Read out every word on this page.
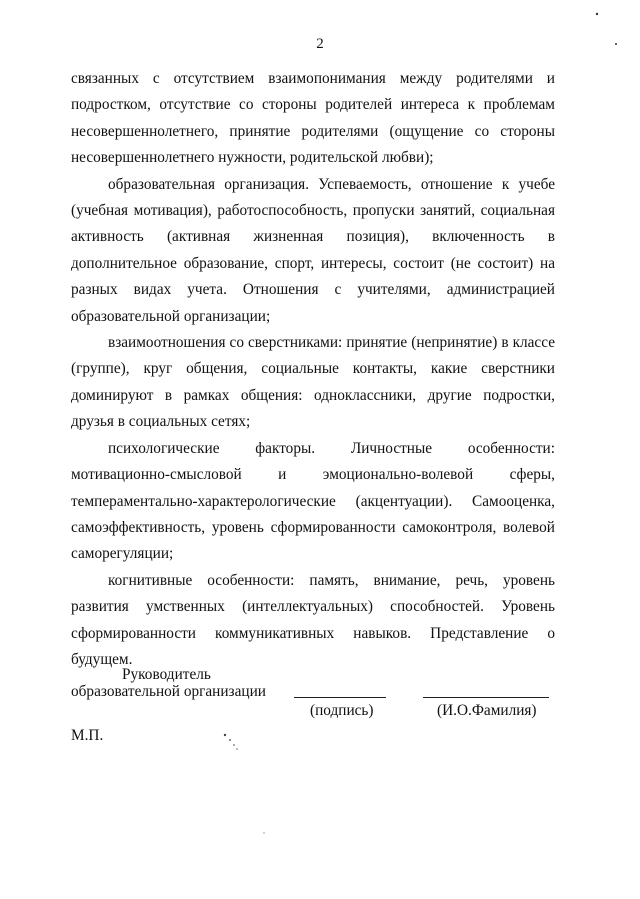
2

связанных с отсутствием взаимопонимания между родителями и подростком, отсутствие со стороны родителей интереса к проблемам несовершеннолетнего, принятие родителями (ощущение со стороны несовершеннолетнего нужности, родительской любви);

образовательная организация. Успеваемость, отношение к учебе (учебная мотивация), работоспособность, пропуски занятий, социальная активность (активная жизненная позиция), включенность в дополнительное образование, спорт, интересы, состоит (не состоит) на разных видах учета. Отношения с учителями, администрацией образовательной организации;

взаимоотношения со сверстниками: принятие (непринятие) в классе (группе), круг общения, социальные контакты, какие сверстники доминируют в рамках общения: одноклассники, другие подростки, друзья в социальных сетях;

психологические факторы. Личностные особенности: мотивационно-смысловой и эмоционально-волевой сферы, темпераментально-характерологические (акцентуации). Самооценка, самоэффективность, уровень сформированности самоконтроля, волевой саморегуляции;

когнитивные особенности: память, внимание, речь, уровень развития умственных (интеллектуальных) способностей. Уровень сформированности коммуникативных навыков. Представление о будущем.

Руководитель
образовательной организации
(подпись)	(И.О.Фамилия)
М.П.
